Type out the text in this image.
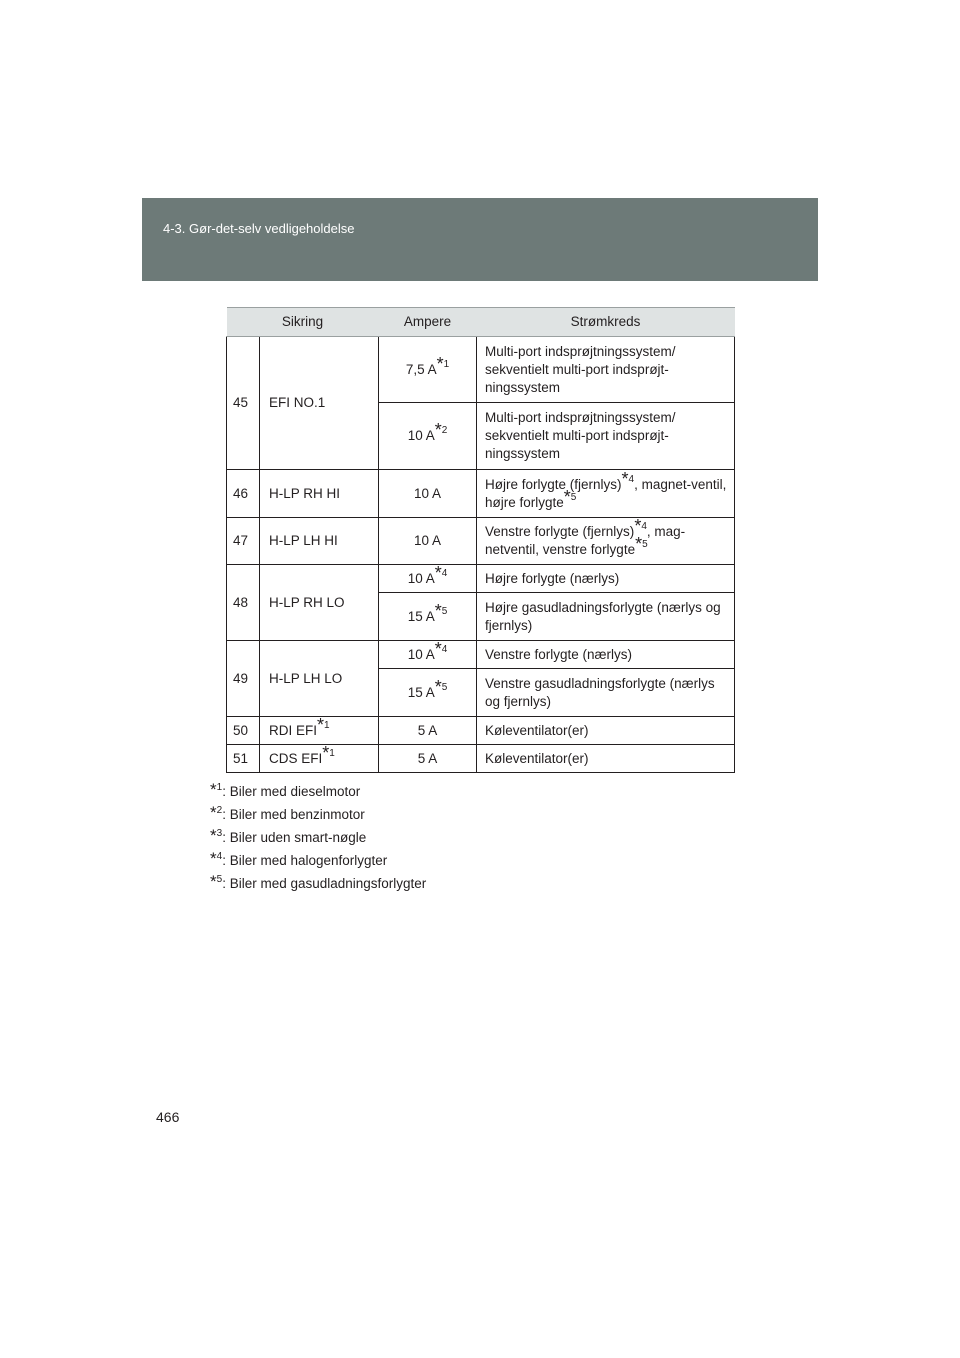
4-3. Gør-det-selv vedligeholdelse
Sikring		Ampere	Strømkreds
45	EFI NO.1	7,5 A*$^1$	Multi-port indsprøjtningssystem/ sekventielt multi-port indsprøjt-ningssystem
		10 A*$^2$	Multi-port indsprøjtningssystem/ sekventielt multi-port indsprøjt-ningssystem
46	H-LP RH HI	10 A	Højre forlygte (fjernlys)*$^4$, magnet-ventil, højre forlygte*$^5$
47	H-LP LH HI	10 A	Venstre forlygte (fjernlys)*$^4$, mag-netventil, venstre forlygte*$^5$
48	H-LP RH LO	10 A*$^4$	Højre forlygte (nærlys)
		15 A*$^5$	Højre gasudladningsforlygte (nærlys og fjernlys)
49	H-LP LH LO	10 A*$^4$	Venstre forlygte (nærlys)
		15 A*$^5$	Venstre gasudladningsforlygte (nærlys og fjernlys)
50	RDI EFI*$^1$	5 A	Køleventilator(er)
51	CDS EFI*$^1$	5 A	Køleventilator(er)
*$^1$: Biler med dieselmotor
*$^2$: Biler med benzinmotor
*$^3$: Biler uden smart-nøgle
*$^4$: Biler med halogenforlygter
*$^5$: Biler med gasudladningsforlygter
466
